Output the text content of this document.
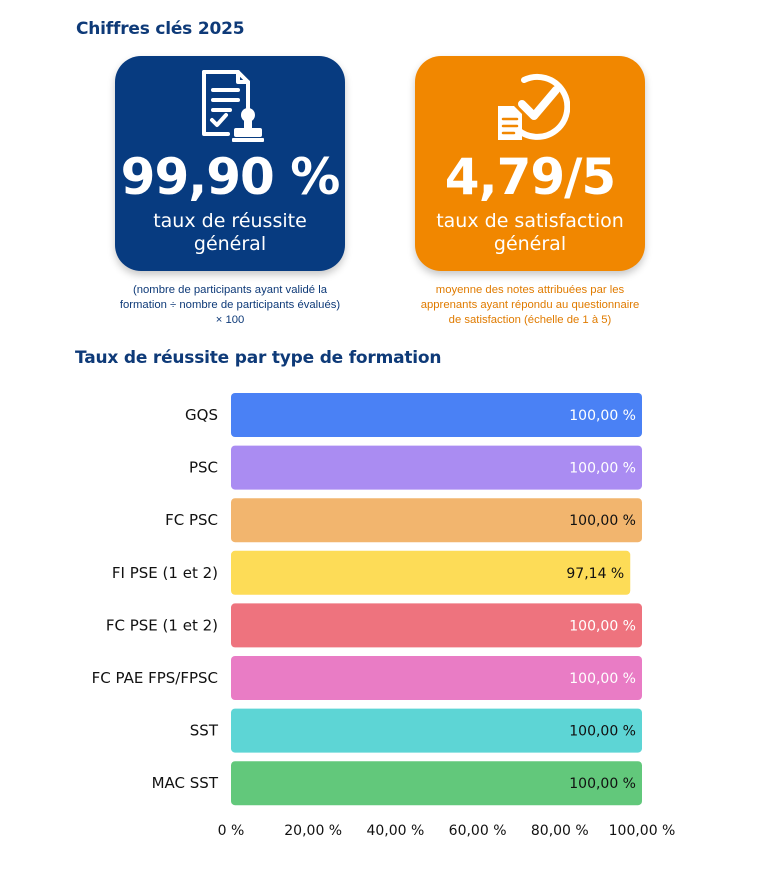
Chiffres clés 2025
99,90 %
taux de réussite
général

(nombre de participants ayant validé la
formation ÷ nombre de participants évalués)
× 100

4,79/5
taux de satisfaction
général

moyenne des notes attribuées par les
apprenants ayant répondu au questionnaire
de satisfaction (échelle de 1 à 5)

Taux de réussite par type de formation
GQS	100,00 %
PSC	100,00 %
FC PSC	100,00 %
FI PSE (1 et 2)	97,14 %
FC PSE (1 et 2)	100,00 %
FC PAE FPS/FPSC	100,00 %
SST	100,00 %
MAC SST	100,00 %
0 %	20,00 % 40,00 % 60,00 % 80,00 % 100,00 %
